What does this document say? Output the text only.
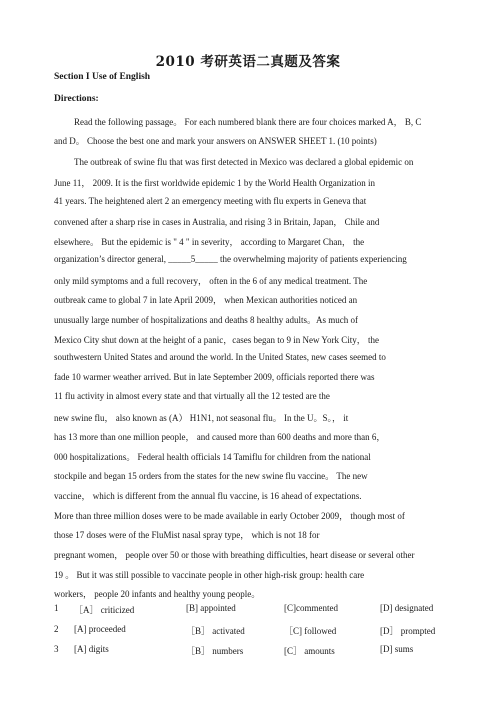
2010 考研英语二真题及答案
Section I Use of English
Directions:
Read the following passage。 For each numbered blank there are four choices marked A， B, C
and D。 Choose the best one and mark your answers on ANSWER SHEET 1. (10 points)
The outbreak of swine flu that was first detected in Mexico was declared a global epidemic on
June 11， 2009. It is the first worldwide epidemic 1 by the World Health Organization in
41 years. The heightened alert 2 an emergency meeting with flu experts in Geneva that
convened after a sharp rise in cases in Australia, and rising 3 in Britain, Japan， Chile and
elsewhere。 But the epidemic is " 4 " in severity， according to Margaret Chan， the
organization’s director general, _____5_____ the overwhelming majority of patients experiencing
only mild symptoms and a full recovery， often in the 6 of any medical treatment. The
outbreak came to global 7 in late April 2009， when Mexican authorities noticed an
unusually large number of hospitalizations and deaths 8 healthy adults。As much of
Mexico City shut down at the height of a panic，cases began to 9 in New York City， the
southwestern United States and around the world. In the United States, new cases seemed to
fade 10 warmer weather arrived. But in late September 2009, officials reported there was
11 flu activity in almost every state and that virtually all the 12 tested are the
new swine flu， also known as (A） H1N1, not seasonal flu。 In the U。S。， it
has 13 more than one million people， and caused more than 600 deaths and more than 6，
000 hospitalizations。 Federal health officials 14 Tamiflu for children from the national
stockpile and began 15 orders from the states for the new swine flu vaccine。 The new
vaccine， which is different from the annual flu vaccine, is 16 ahead of expectations.
More than three million doses were to be made available in early October 2009， though most of
those 17 doses were of the FluMist nasal spray type， which is not 18 for
pregnant women， people over 50 or those with breathing difficulties, heart disease or several other
19 。 But it was still possible to vaccinate people in other high-risk group: health care
workers， people 20 infants and healthy young people。
1 ［A］ criticized	[B] appointed	[C]commented	[D] designated
2 [A] proceeded	［B］ activated	［C] followed	[D］ prompted
3 [A] digits	［B］ numbers	[C］ amounts	[D] sums
